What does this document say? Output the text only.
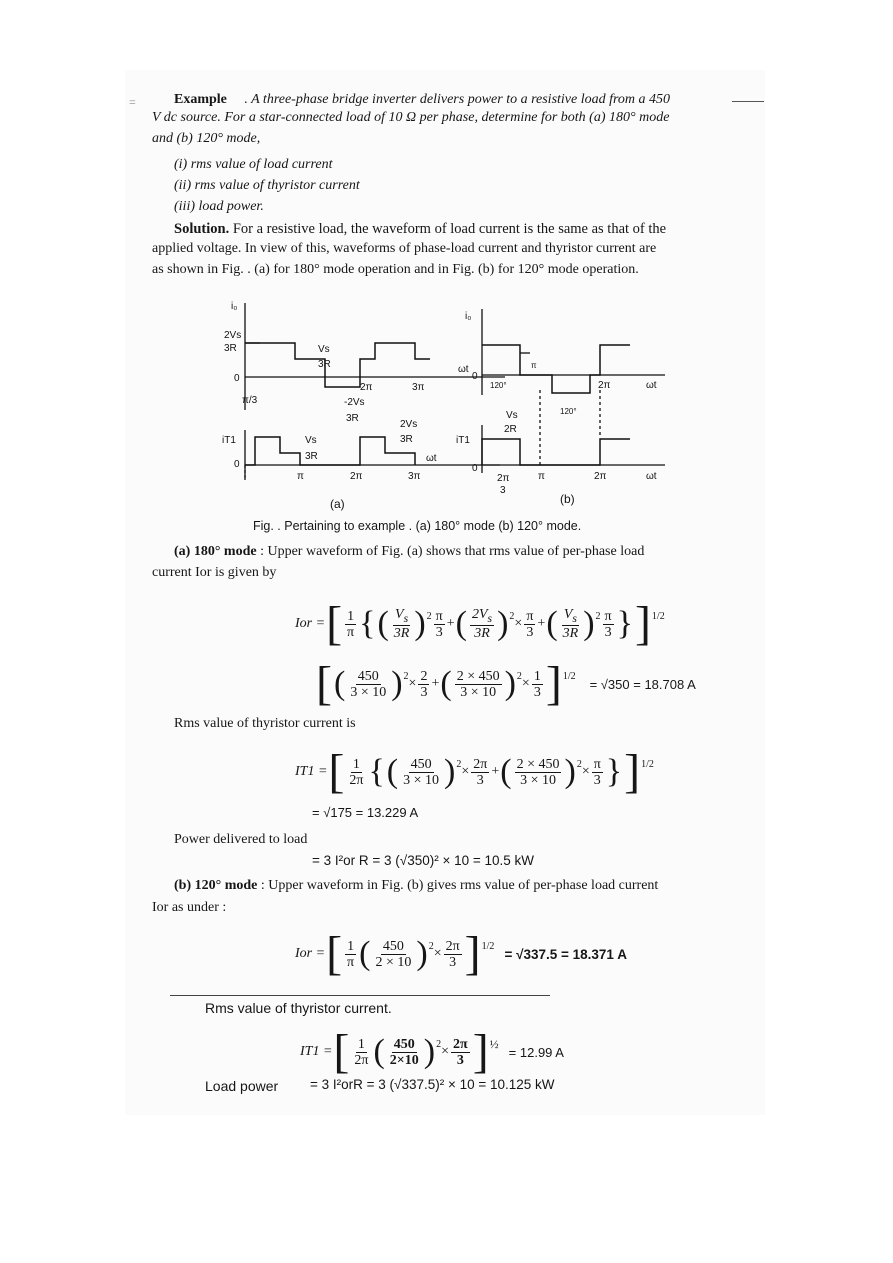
=	Example . A three-phase bridge inverter delivers power to a resistive load from a 450
V dc source. For a star-connected load of 10 Ω per phase, determine for both (a) 180° mode
and (b) 120° mode,
(i) rms value of load current
(ii) rms value of thyristor current
(iii) load power.
Solution. For a resistive load, the waveform of load current is the same as that of the
applied voltage. In view of this, waveforms of phase-load current and thyristor current are
as shown in Fig. . (a) for 180° mode operation and in Fig. (b) for 120° mode operation.
i₀
2Vs
3R	Vs
3R
0
π/3	-2Vs
3R
2π	3π
ωt
iT1
0
Vs
3R
2Vs
3R
π	2π	3π
ωt
(a)
i₀
0
120°
120°
π
2π	ωt
Vs
2R
iT1
0
2π
3
π	2π	ωt
(b)
Fig. . Pertaining to example . (a) 180° mode (b) 120° mode.
(a) 180° mode : Upper waveform of Fig. (a) shows that rms value of per-phase load
current Ior is given by
Ior = [ $\frac{1}{\pi}$ { ( $\frac{V_s}{3R}$ ) $2 \frac{\pi}{3}$ + ( $\frac{2V_s}{3R}$ ) $2 \times \frac{\pi}{3}$ + ( $\frac{V_s}{3R}$ ) $2 \frac{\pi}{3}$ } ] 1/2
[ ( $\frac{450}{3 \times 10}$ ) $2 \times \frac{2}{3}$ + ( $\frac{2 \times 450}{3 \times 10}$ ) $2 \times \frac{1}{3}$ ] 1/2
= √350 = 18.708 A
Rms value of thyristor current is
IT1 = [ $\frac{1}{2\pi}$ { ( $\frac{450}{3 \times 10}$ ) $2 \times \frac{2\pi}{3}$ + ( $\frac{2 \times 450}{3 \times 10}$ ) $2 \times \frac{\pi}{3}$ } ] 1/2
= √175 = 13.229 A
Power delivered to load
= 3 I²or R = 3 (√350)² × 10 = 10.5 kW
(b) 120° mode : Upper waveform in Fig. (b) gives rms value of per-phase load current
Ior as under :
Ior = [ $\frac{1}{\pi}$ ( $\frac{450}{2 \times 10}$ ) $2 \times \frac{2\pi}{3}$ ] 1/2
= √337.5 = 18.371 A
Rms value of thyristor current.
IT1 = [ $\frac{1}{2\pi}$ ( $\frac{450}{2\times 10}$ ) $2 \times \frac{2\pi}{3}$ ] ½
= 12.99 A
Load power = 3 I²orR = 3 (√337.5)² × 10 = 10.125 kW
